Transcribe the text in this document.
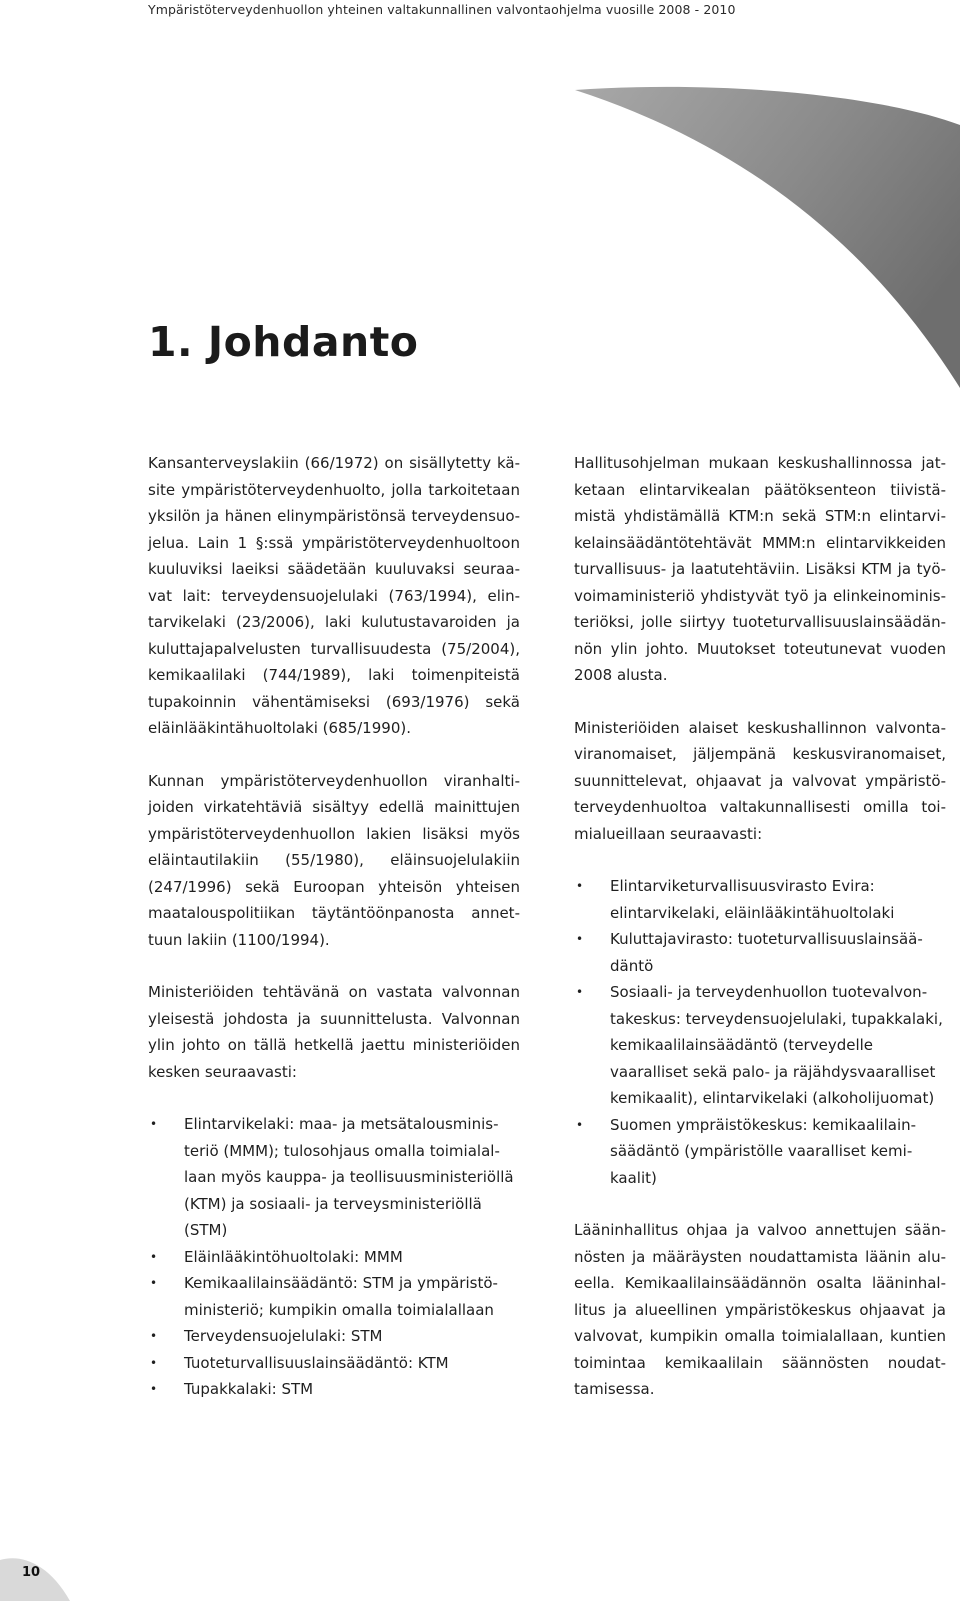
Ympäristöterveydenhuollon yhteinen valtakunnallinen valvontaohjelma vuosille 2008 - 2010
1. Johdanto

Kansanterveyslakiin (66/1972) on sisällytetty käsite ympäristöterveydenhuolto, jolla tarkoitetaan yksilön ja hänen elinympäristönsä terveydensuojelua. Lain 1 §:ssä ympäristöterveydenhuoltoon kuuluviksi laeiksi säädetään kuuluvaksi seuraavat lait: terveydensuojelulaki (763/1994), elintarvikelaki (23/2006), laki kulutustavaroiden ja kuluttajapalvelusten turvallisuudesta (75/2004), kemikaalilaki (744/1989), laki toimenpiteistä tupakoinnin vähentämiseksi (693/1976) sekä eläinlääkintähuoltolaki (685/1990).

Kunnan ympäristöterveydenhuollon viranhaltijoiden virkatehtäviä sisältyy edellä mainittujen ympäristöterveydenhuollon lakien lisäksi myös eläintautilakiin (55/1980), eläinsuojelulakiin (247/1996) sekä Euroopan yhteisön yhteisen maatalouspolitiikan täytäntöönpanosta annettuun lakiin (1100/1994).

Ministeriöiden tehtävänä on vastata valvonnan yleisestä johdosta ja suunnittelusta. Valvonnan ylin johto on tällä hetkellä jaettu ministeriöiden kesken seuraavasti:

• Elintarvikelaki: maa- ja metsätalousministeriö (MMM); tulosohjaus omalla toimialallaan myös kauppa- ja teollisuusministeriöllä (KTM) ja sosiaali- ja terveysministeriöllä (STM)
• Eläinlääkintöhuoltolaki: MMM
• Kemikaalilainsäädäntö: STM ja ympäristöministeriö; kumpikin omalla toimialallaan
• Terveydensuojelulaki: STM
• Tuoteturvallisuuslainsäädäntö: KTM
• Tupakkalaki: STM

Hallitusohjelman mukaan keskushallinnossa jatketaan elintarvikealan päätöksenteon tiivistämistä yhdistämällä KTM:n sekä STM:n elintarvikelainsäädäntötehtävät MMM:n elintarvikkeiden turvallisuus- ja laatutehtäviin. Lisäksi KTM ja työvoimaministeriö yhdistyvät työ ja elinkeinoministeriöksi, jolle siirtyy tuoteturvallisuuslainsäädännön ylin johto. Muutokset toteutunevat vuoden 2008 alusta.

Ministeriöiden alaiset keskushallinnon valvontaviranomaiset, jäljempänä keskusviranomaiset, suunnittelevat, ohjaavat ja valvovat ympäristöterveydenhuoltoa valtakunnallisesti omilla toimialueillaan seuraavasti:

• Elintarviketurvallisuusvirasto Evira: elintarvikelaki, eläinlääkintähuoltolaki
• Kuluttajavirasto: tuoteturvallisuuslainsäädäntö
• Sosiaali- ja terveydenhuollon tuotevalvontakeskus: terveydensuojelulaki, tupakkalaki, kemikaalilainsäädäntö (terveydelle vaaralliset sekä palo- ja räjähdysvaaralliset kemikaalit), elintarvikelaki (alkoholijuomat)
• Suomen ympräistökeskus: kemikaalilainsäädäntö (ympäristölle vaaralliset kemikaalit)

Lääninhallitus ohjaa ja valvoo annettujen säännösten ja määräysten noudattamista läänin alueella. Kemikaalilainsäädännön osalta lääninhallitus ja alueellinen ympäristökeskus ohjaavat ja valvovat, kumpikin omalla toimialallaan, kuntien toimintaa kemikaalilain säännösten noudattamisessa.

10
